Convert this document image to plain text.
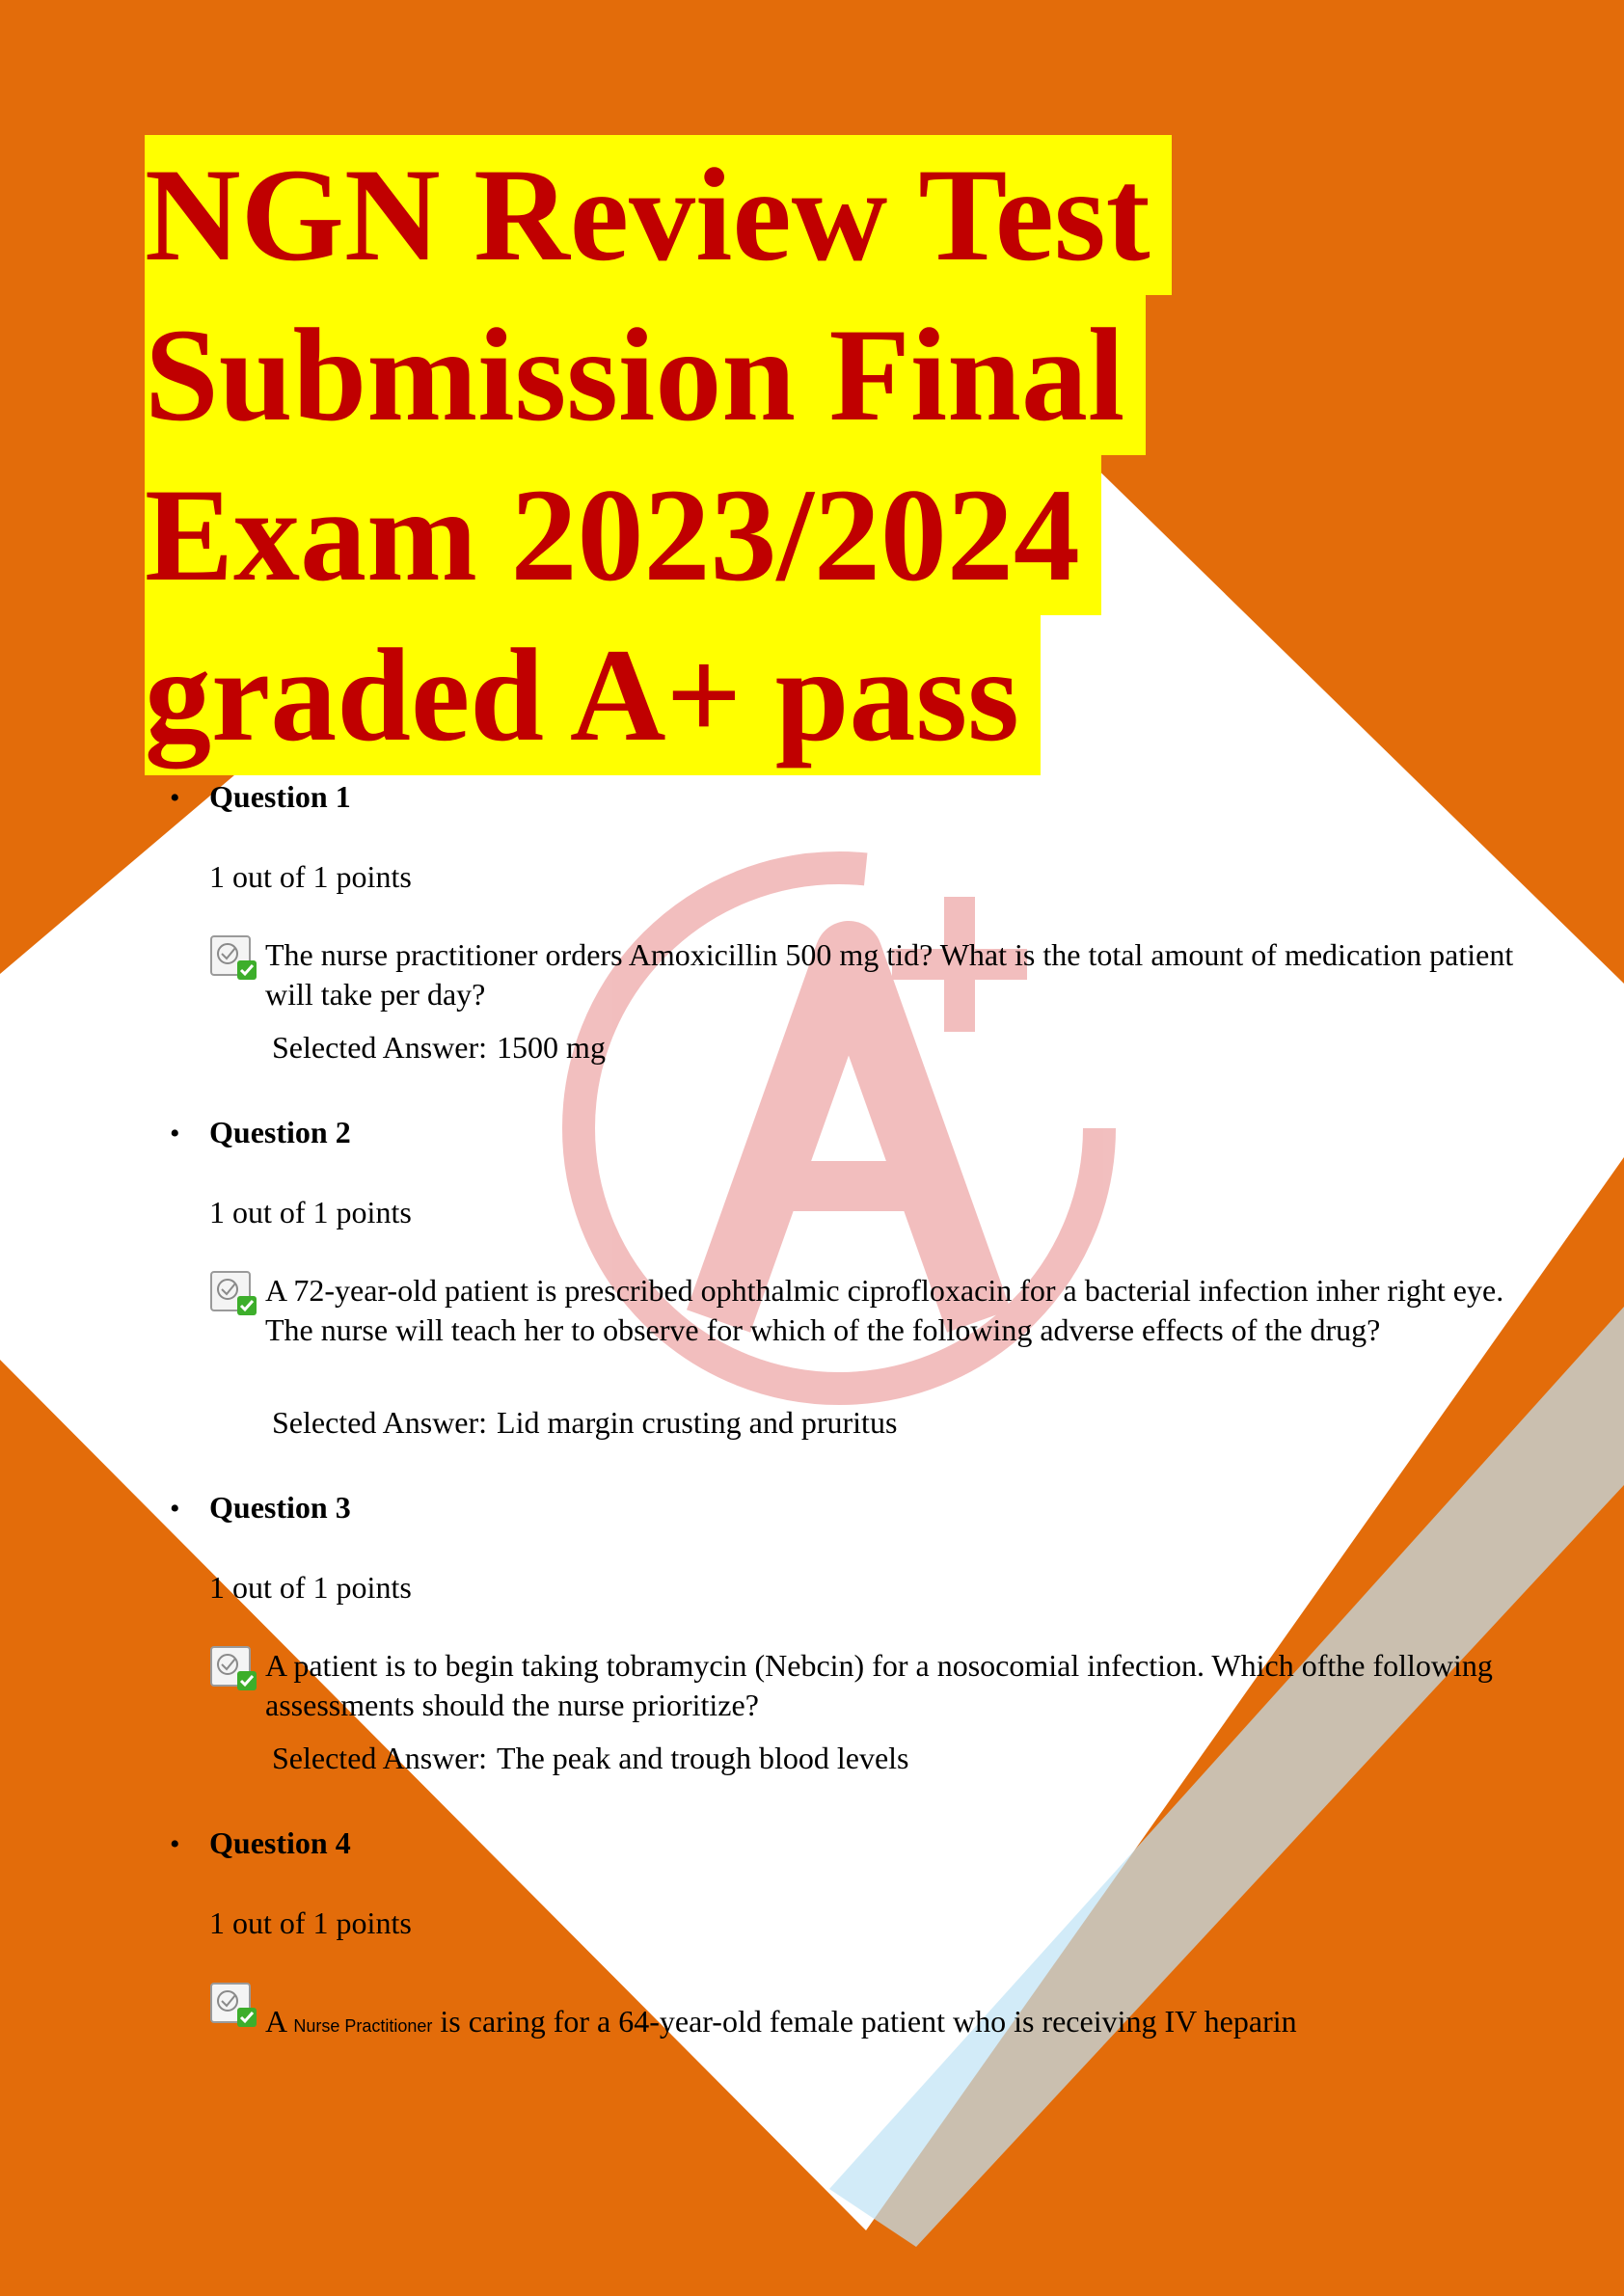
NGN Review Test
Submission Final
Exam 2023/2024
graded A+ pass
• Question 1
1 out of 1 points
The nurse practitioner orders Amoxicillin 500 mg tid? What is the total amount of medication patient will take per day?
Selected Answer: 1500 mg
• Question 2
1 out of 1 points
A 72-year-old patient is prescribed ophthalmic ciprofloxacin for a bacterial infection inher right eye. The nurse will teach her to observe for which of the following adverse effects of the drug?
Selected Answer: Lid margin crusting and pruritus
• Question 3
1 out of 1 points
A patient is to begin taking tobramycin (Nebcin) for a nosocomial infection. Which ofthe following assessments should the nurse prioritize?
Selected Answer: The peak and trough blood levels
• Question 4
1 out of 1 points
A Nurse Practitioner is caring for a 64-year-old female patient who is receiving IV heparin
